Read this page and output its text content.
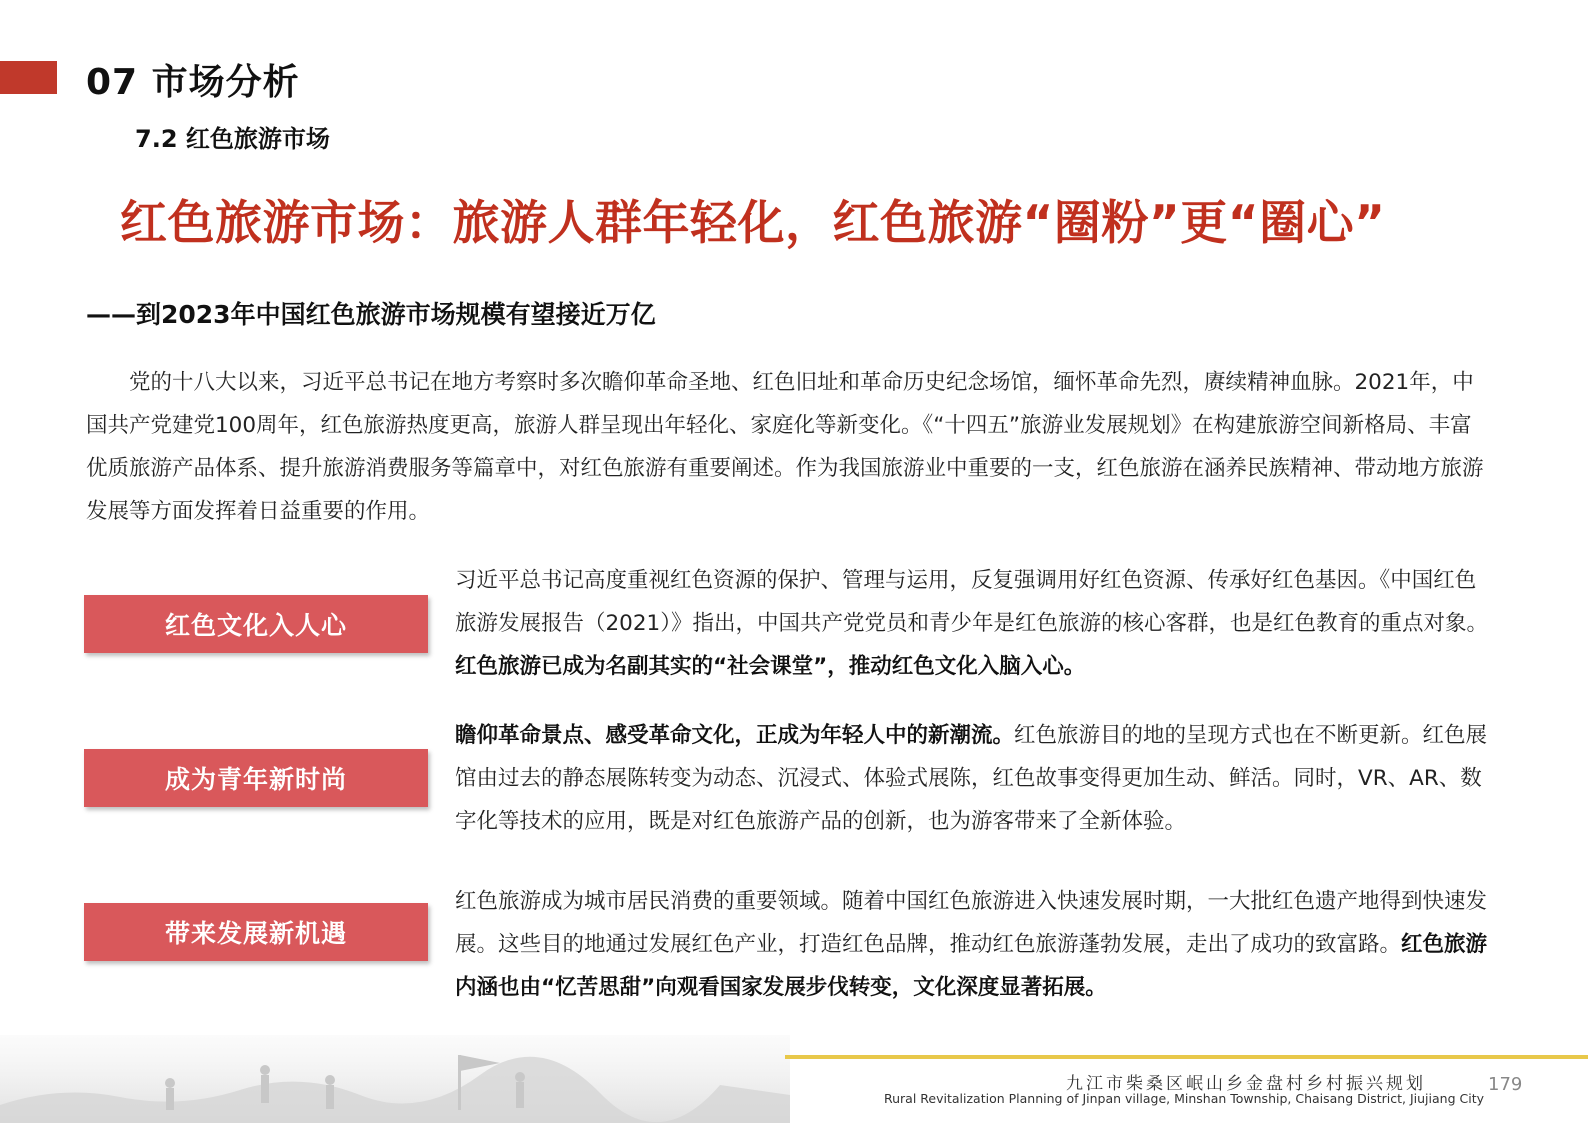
07 市场分析
7.2 红色旅游市场
红色旅游市场：旅游人群年轻化，红色旅游“圈粉”更“圈心”
——到2023年中国红色旅游市场规模有望接近万亿

党的十八大以来，习近平总书记在地方考察时多次瞻仰革命圣地、红色旧址和革命历史纪念场馆，缅怀革命先烈，赓续精神血脉。2021年，中国共产党建党100周年，红色旅游热度更高，旅游人群呈现出年轻化、家庭化等新变化。《“十四五”旅游业发展规划》在构建旅游空间新格局、丰富优质旅游产品体系、提升旅游消费服务等篇章中，对红色旅游有重要阐述。作为我国旅游业中重要的一支，红色旅游在涵养民族精神、带动地方旅游发展等方面发挥着日益重要的作用。

红色文化入人心
习近平总书记高度重视红色资源的保护、管理与运用，反复强调用好红色资源、传承好红色基因。《中国红色旅游发展报告（2021）》指出，中国共产党党员和青少年是红色旅游的核心客群，也是红色教育的重点对象。红色旅游已成为名副其实的“社会课堂”，推动红色文化入脑入心。
成为青年新时尚
瞻仰革命景点、感受革命文化，正成为年轻人中的新潮流。红色旅游目的地的呈现方式也在不断更新。红色展馆由过去的静态展陈转变为动态、沉浸式、体验式展陈，红色故事变得更加生动、鲜活。同时，VR、AR、数字化等技术的应用，既是对红色旅游产品的创新，也为游客带来了全新体验。
带来发展新机遇
红色旅游成为城市居民消费的重要领域。随着中国红色旅游进入快速发展时期，一大批红色遗产地得到快速发展。这些目的地通过发展红色产业，打造红色品牌，推动红色旅游蓬勃发展，走出了成功的致富路。红色旅游内涵也由“忆苦思甜”向观看国家发展步伐转变，文化深度显著拓展。
九江市柴桑区岷山乡金盘村乡村振兴规划
Rural Revitalization Planning of Jinpan village, Minshan Township, Chaisang District, Jiujiang City
179
